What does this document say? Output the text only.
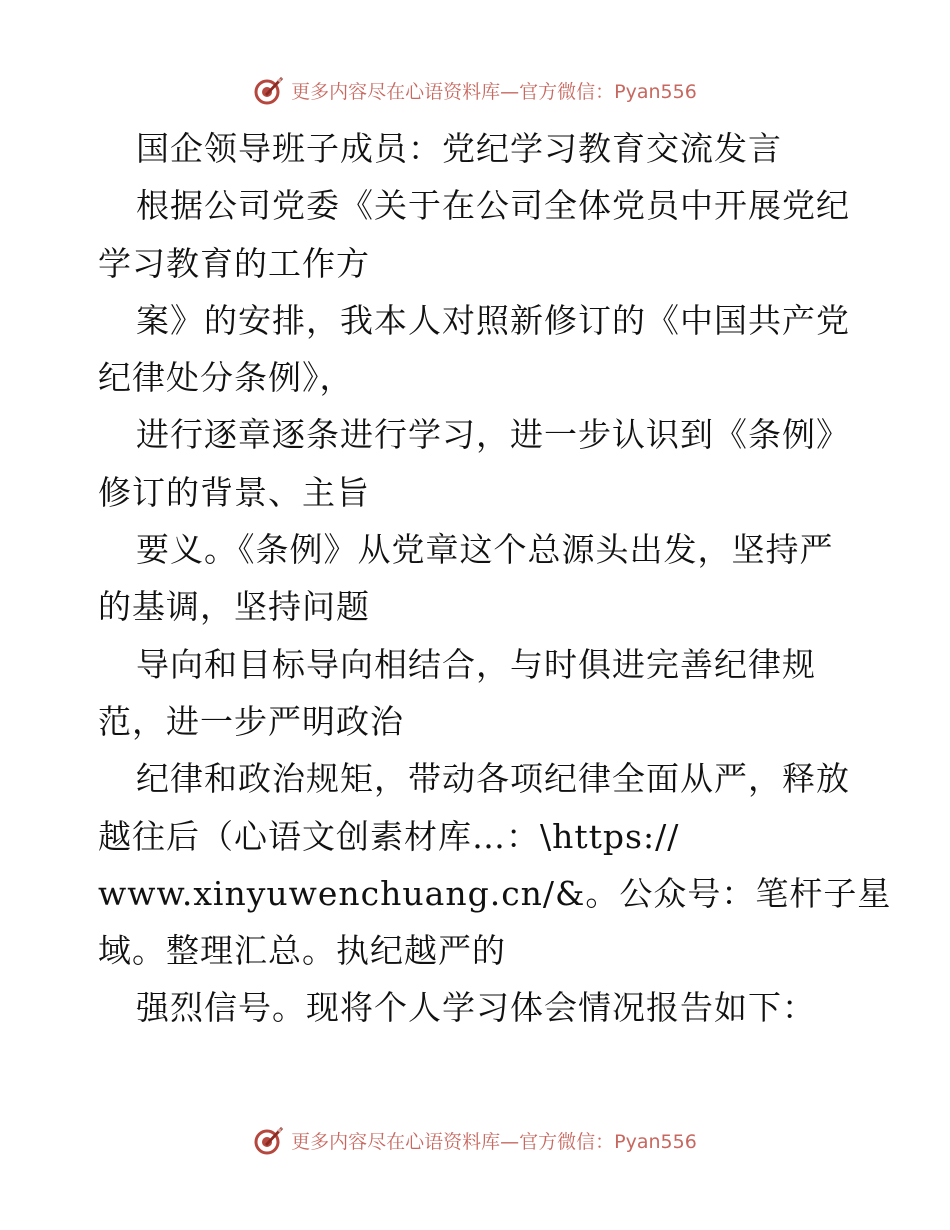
更多内容尽在心语资料库—官方微信：Pyan556
国企领导班子成员：党纪学习教育交流发言
根据公司党委《关于在公司全体党员中开展党纪
学习教育的工作方
案》的安排，我本人对照新修订的《中国共产党
纪律处分条例》，
进行逐章逐条进行学习，进一步认识到《条例》
修订的背景、主旨
要义。《条例》从党章这个总源头出发，坚持严
的基调，坚持问题
导向和目标导向相结合，与时俱进完善纪律规
范，进一步严明政治
纪律和政治规矩，带动各项纪律全面从严，释放
越往后（心语文创素材库…：\https://
www.xinyuwenchuang.cn/&。公众号：笔杆子星
域。整理汇总。执纪越严的
强烈信号。现将个人学习体会情况报告如下：
更多内容尽在心语资料库—官方微信：Pyan556
